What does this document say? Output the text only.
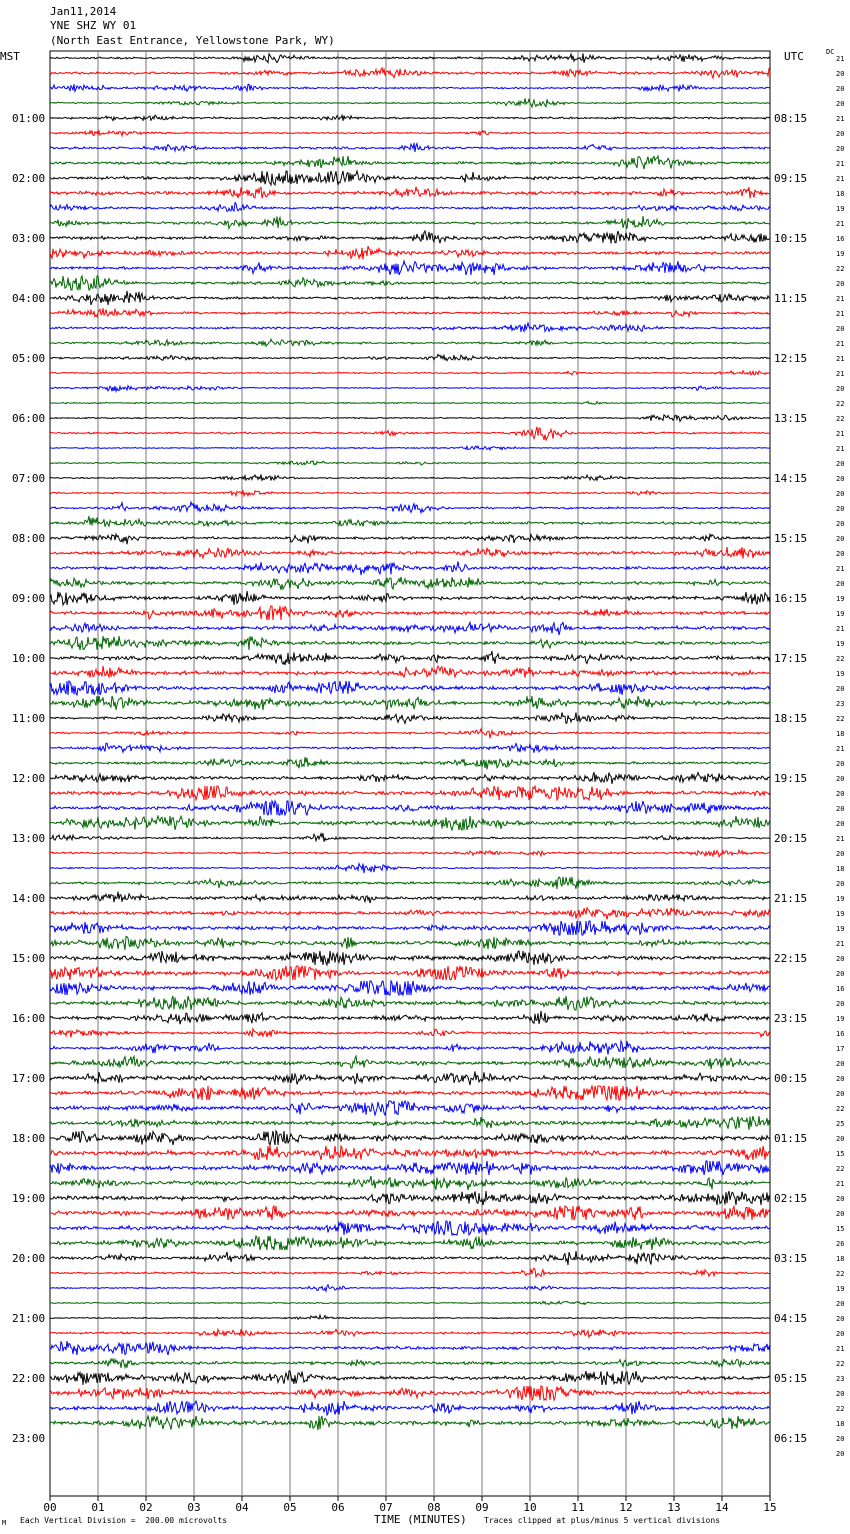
Jan11,2014
YNE SHZ WY 01
(North East Entrance, Yellowstone Park, WY)
MST	UTC	DC
00	01	02	03	04	05	06	07	08	09	10	11	12	13	14	15
01:00
02:00
03:00
04:00
05:00
06:00
07:00
08:00
09:00
10:00
11:00
12:00
13:00
14:00
15:00
16:00
17:00
18:00
19:00
20:00
21:00
22:00
23:00
08:15
09:15
10:15
11:15
12:15
13:15
14:15
15:15
16:15
17:15
18:15
19:15
20:15
21:15
22:15
23:15
00:15
01:15
02:15
03:15
04:15
05:15
06:15
21
20
20
20
21
20
20
21
21
18
19
21
16
19
22
20
21
21
20
21
21
21
20
22
22
21
21
20
20
20
20
20
20
20
21
20
19
19
21
19
22
19
20
23
22
18
21
20
20
20
20
20
21
20
18
20
19
19
19
21
20
20
16
20
19
16
17
20
20
20
22
25
20
15
22
21
20
20
15
26
18
22
19
20
20
20
21
22
23
20
22
18
20
20
TIME (MINUTES)
Each Vertical Division =  200.00 microvolts	Traces clipped at plus/minus 5 vertical divisions
M
